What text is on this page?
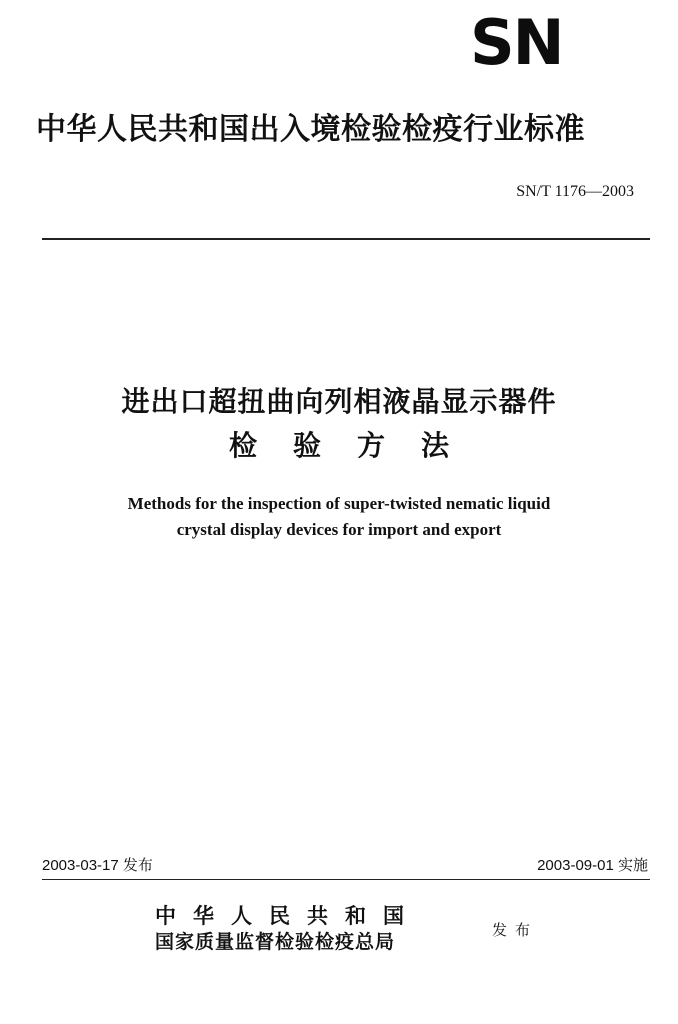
SN
中华人民共和国出入境检验检疫行业标准
SN/T 1176—2003
进出口超扭曲向列相液晶显示器件
检验方法
Methods for the inspection of super-twisted nematic liquid
crystal display devices for import and export
2003-03-17 发布	2003-09-01 实施
中华人民共和国
国家质量监督检验检疫总局
发布
